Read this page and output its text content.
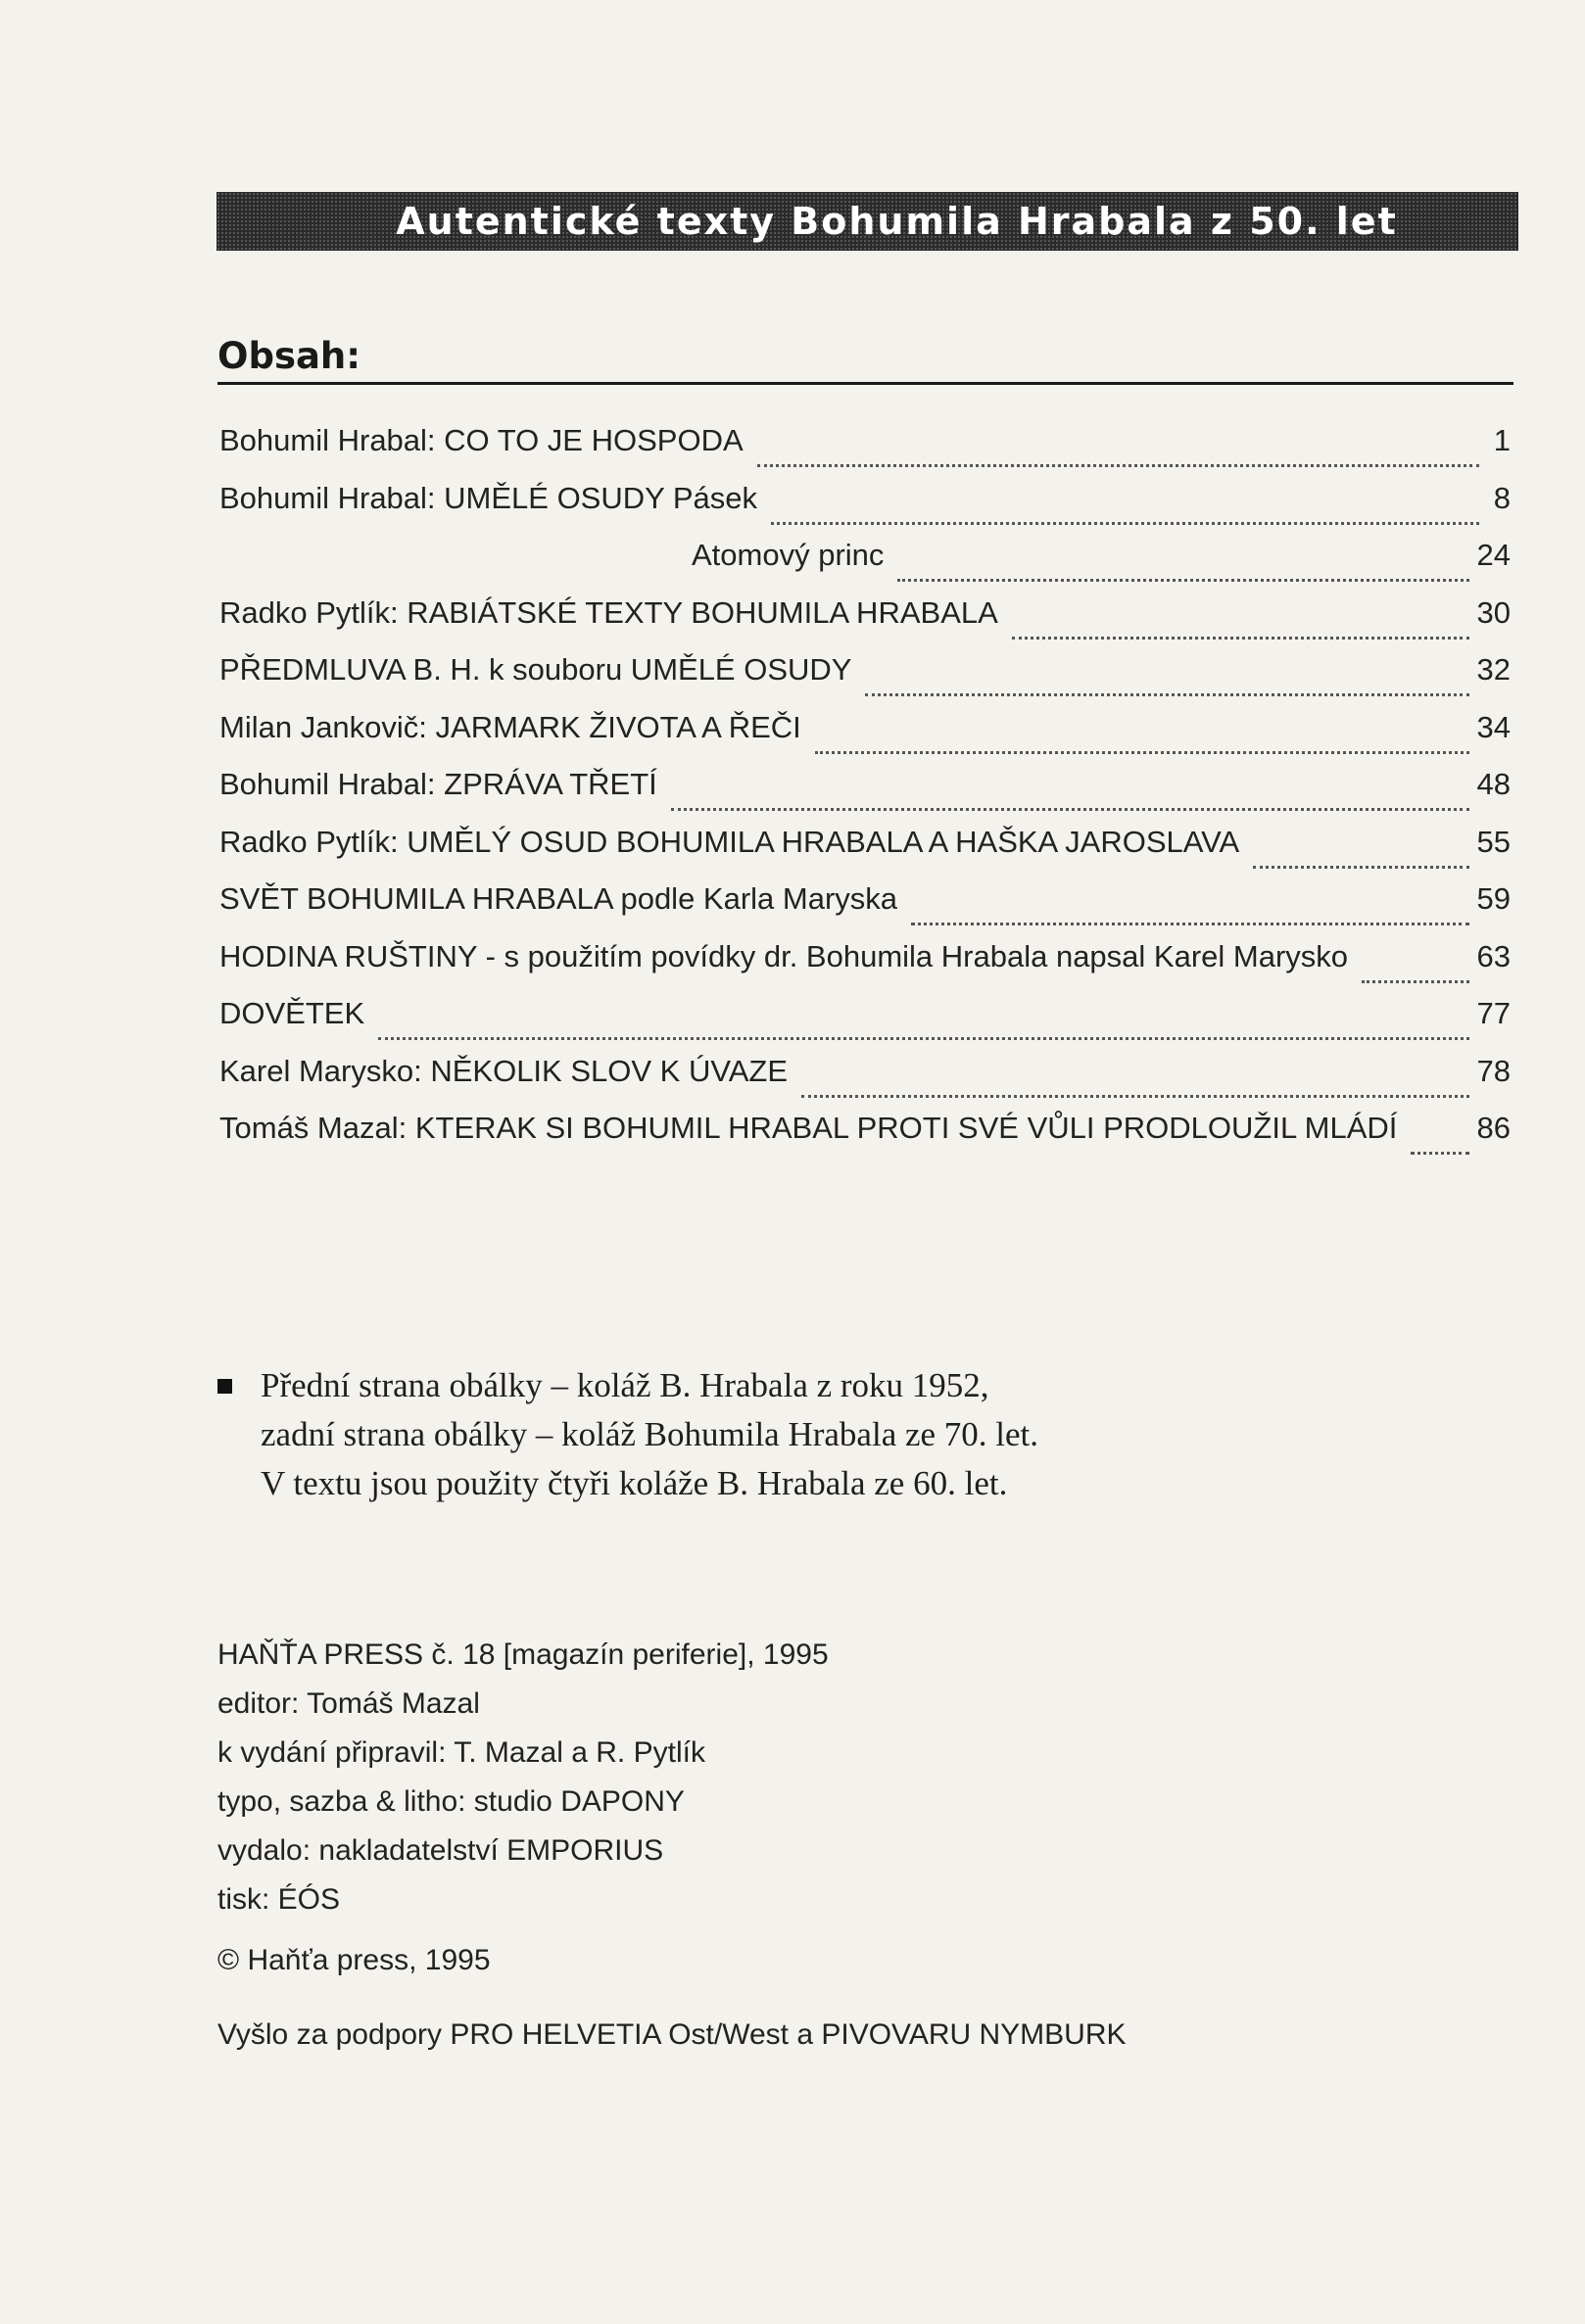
Autentické texty Bohumila Hrabala z 50. let
Obsah:
Bohumil Hrabal: CO TO JE HOSPODA	1
Bohumil Hrabal: UMĚLÉ OSUDY Pásek	8
Atomový princ	24
Radko Pytlík: RABIÁTSKÉ TEXTY BOHUMILA HRABALA	30
PŘEDMLUVA B. H. k souboru UMĚLÉ OSUDY	32
Milan Jankovič: JARMARK ŽIVOTA A ŘEČI	34
Bohumil Hrabal: ZPRÁVA TŘETÍ	48
Radko Pytlík: UMĚLÝ OSUD BOHUMILA HRABALA A HAŠKA JAROSLAVA	55
SVĚT BOHUMILA HRABALA podle Karla Maryska	59
HODINA RUŠTINY - s použitím povídky dr. Bohumila Hrabala napsal Karel Marysko	63
DOVĚTEK	77
Karel Marysko: NĚKOLIK SLOV K ÚVAZE	78
Tomáš Mazal: KTERAK SI BOHUMIL HRABAL PROTI SVÉ VŮLI PRODLOUŽIL MLÁDÍ	86
Přední strana obálky – koláž B. Hrabala z roku 1952,
zadní strana obálky – koláž Bohumila Hrabala ze 70. let.
V textu jsou použity čtyři koláže B. Hrabala ze 60. let.
HAŇŤA PRESS č. 18 [magazín periferie], 1995
editor: Tomáš Mazal
k vydání připravil: T. Mazal a R. Pytlík
typo, sazba & litho: studio DAPONY
vydalo: nakladatelství EMPORIUS
tisk: ÉÓS
© Haňťa press, 1995
Vyšlo za podpory PRO HELVETIA Ost/West a PIVOVARU NYMBURK
